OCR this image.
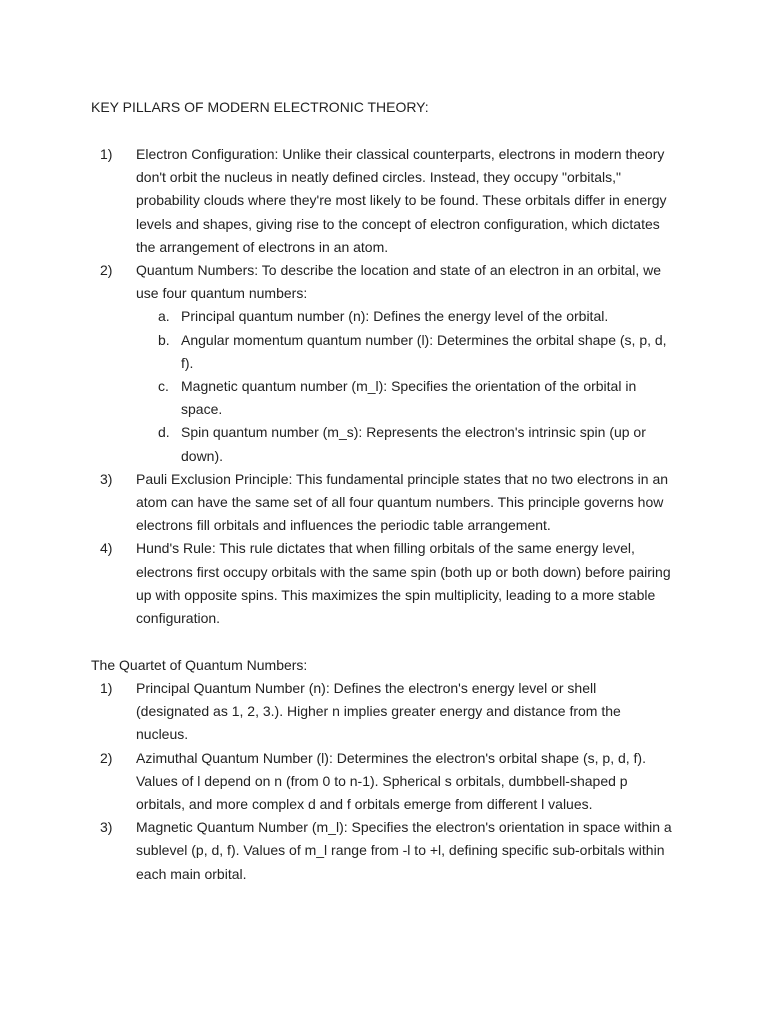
KEY PILLARS OF MODERN ELECTRONIC THEORY:
1) Electron Configuration: Unlike their classical counterparts, electrons in modern theory don't orbit the nucleus in neatly defined circles. Instead, they occupy "orbitals," probability clouds where they're most likely to be found. These orbitals differ in energy levels and shapes, giving rise to the concept of electron configuration, which dictates the arrangement of electrons in an atom.
2) Quantum Numbers: To describe the location and state of an electron in an orbital, we use four quantum numbers:
a. Principal quantum number (n): Defines the energy level of the orbital.
b. Angular momentum quantum number (l): Determines the orbital shape (s, p, d, f).
c. Magnetic quantum number (m_l): Specifies the orientation of the orbital in space.
d. Spin quantum number (m_s): Represents the electron's intrinsic spin (up or down).
3) Pauli Exclusion Principle: This fundamental principle states that no two electrons in an atom can have the same set of all four quantum numbers. This principle governs how electrons fill orbitals and influences the periodic table arrangement.
4) Hund's Rule: This rule dictates that when filling orbitals of the same energy level, electrons first occupy orbitals with the same spin (both up or both down) before pairing up with opposite spins. This maximizes the spin multiplicity, leading to a more stable configuration.
The Quartet of Quantum Numbers:
1) Principal Quantum Number (n): Defines the electron's energy level or shell (designated as 1, 2, 3.). Higher n implies greater energy and distance from the nucleus.
2) Azimuthal Quantum Number (l): Determines the electron's orbital shape (s, p, d, f). Values of l depend on n (from 0 to n-1). Spherical s orbitals, dumbbell-shaped p orbitals, and more complex d and f orbitals emerge from different l values.
3) Magnetic Quantum Number (m_l): Specifies the electron's orientation in space within a sublevel (p, d, f). Values of m_l range from -l to +l, defining specific sub-orbitals within each main orbital.
